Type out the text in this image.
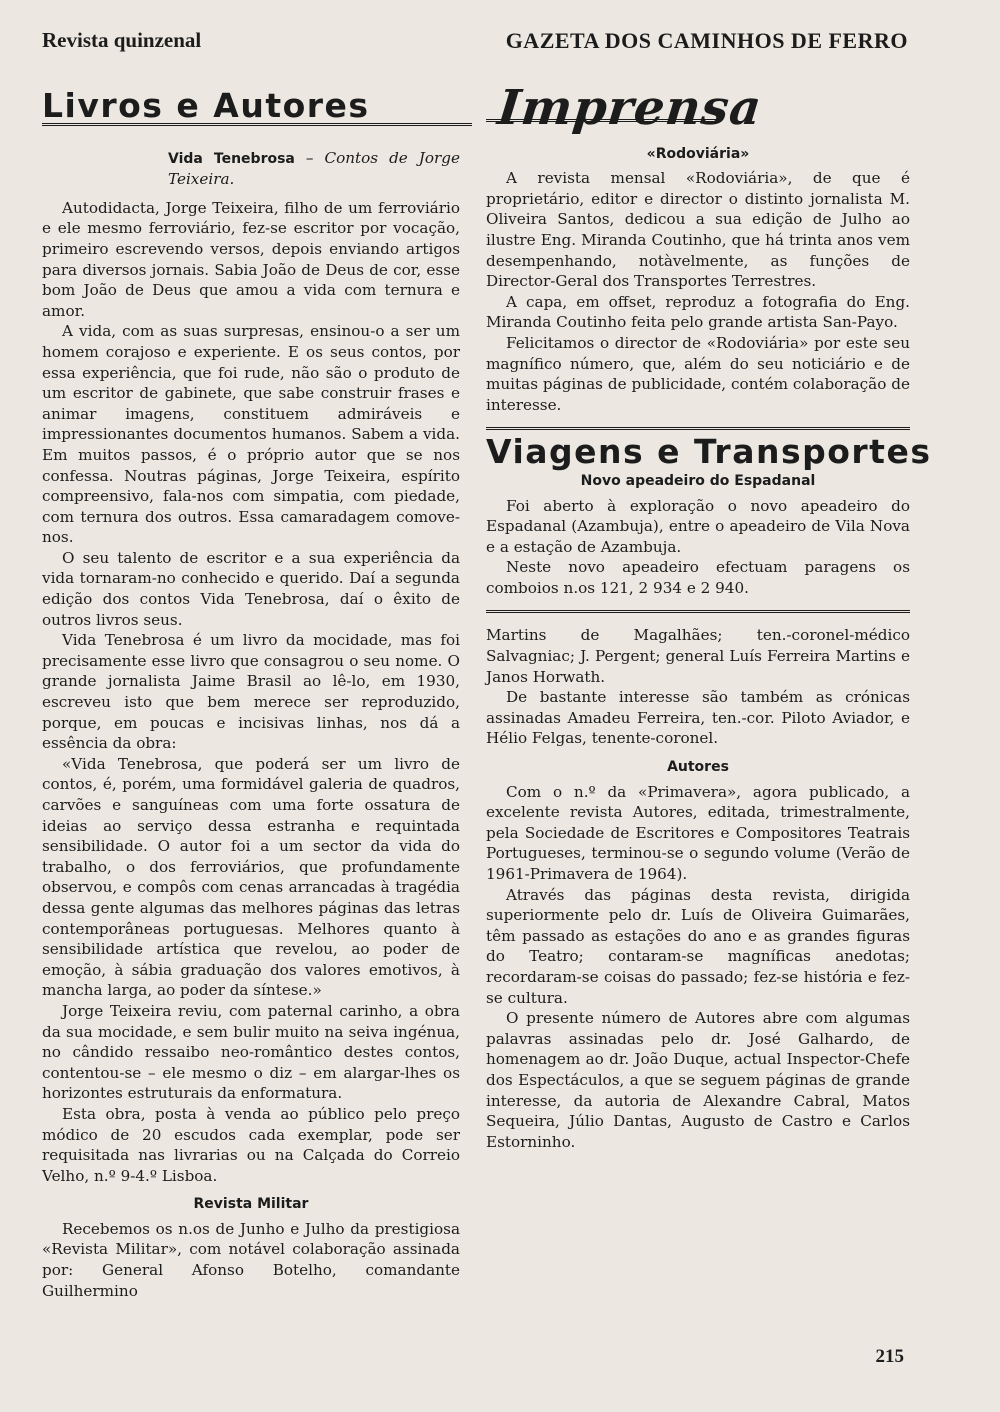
Revista quinzenal	GAZETA DOS CAMINHOS DE FERRO
Livros e Autores

Vida Tenebrosa – Contos de Jorge Teixeira.

Autodidacta, Jorge Teixeira, filho de um ferroviário e ele mesmo ferroviário, fez-se escritor por vocação, primeiro escrevendo versos, depois enviando artigos para diversos jornais. Sabia João de Deus de cor, esse bom João de Deus que amou a vida com ternura e amor.

A vida, com as suas surpresas, ensinou-o a ser um homem corajoso e experiente. E os seus contos, por essa experiência, que foi rude, não são o produto de um escritor de gabinete, que sabe construir frases e animar imagens, constituem admiráveis e impressionantes documentos humanos. Sabem a vida. Em muitos passos, é o próprio autor que se nos confessa. Noutras páginas, Jorge Teixeira, espírito compreensivo, fala-nos com simpatia, com piedade, com ternura dos outros. Essa camaradagem comove-nos.

O seu talento de escritor e a sua experiência da vida tornaram-no conhecido e querido. Daí a segunda edição dos contos Vida Tenebrosa, daí o êxito de outros livros seus.

Vida Tenebrosa é um livro da mocidade, mas foi precisamente esse livro que consagrou o seu nome. O grande jornalista Jaime Brasil ao lê-lo, em 1930, escreveu isto que bem merece ser reproduzido, porque, em poucas e incisivas linhas, nos dá a essência da obra:

«Vida Tenebrosa, que poderá ser um livro de contos, é, porém, uma formidável galeria de quadros, carvões e sanguíneas com uma forte ossatura de ideias ao serviço dessa estranha e requintada sensibilidade. O autor foi a um sector da vida do trabalho, o dos ferroviários, que profundamente observou, e compôs com cenas arrancadas à tragédia dessa gente algumas das melhores páginas das letras contemporâneas portuguesas. Melhores quanto à sensibilidade artística que revelou, ao poder de emoção, à sábia graduação dos valores emotivos, à mancha larga, ao poder da síntese.»

Jorge Teixeira reviu, com paternal carinho, a obra da sua mocidade, e sem bulir muito na seiva ingénua, no cândido ressaibo neo-romântico destes contos, contentou-se – ele mesmo o diz – em alargar-lhes os horizontes estruturais da enformatura.

Esta obra, posta à venda ao público pelo preço módico de 20 escudos cada exemplar, pode ser requisitada nas livrarias ou na Calçada do Correio Velho, n.º 9-4.º Lisboa.

Revista Militar

Recebemos os n.os de Junho e Julho da prestigiosa «Revista Militar», com notável colaboração assinada por: General Afonso Botelho, comandante Guilhermino

Imprensa
«Rodoviária»

A revista mensal «Rodoviária», de que é proprietário, editor e director o distinto jornalista M. Oliveira Santos, dedicou a sua edição de Julho ao ilustre Eng. Miranda Coutinho, que há trinta anos vem desempenhando, notàvelmente, as funções de Director-Geral dos Transportes Terrestres.

A capa, em offset, reproduz a fotografia do Eng. Miranda Coutinho feita pelo grande artista San-Payo.

Felicitamos o director de «Rodoviária» por este seu magnífico número, que, além do seu noticiário e de muitas páginas de publicidade, contém colaboração de interesse.

Viagens e Transportes
Novo apeadeiro do Espadanal

Foi aberto à exploração o novo apeadeiro do Espadanal (Azambuja), entre o apeadeiro de Vila Nova e a estação de Azambuja.

Neste novo apeadeiro efectuam paragens os comboios n.os 121, 2 934 e 2 940.

Martins de Magalhães; ten.-coronel-médico Salvagniac; J. Pergent; general Luís Ferreira Martins e Janos Horwath.

De bastante interesse são também as crónicas assinadas Amadeu Ferreira, ten.-cor. Piloto Aviador, e Hélio Felgas, tenente-coronel.

Autores

Com o n.º da «Primavera», agora publicado, a excelente revista Autores, editada, trimestralmente, pela Sociedade de Escritores e Compositores Teatrais Portugueses, terminou-se o segundo volume (Verão de 1961-Primavera de 1964).

Através das páginas desta revista, dirigida superiormente pelo dr. Luís de Oliveira Guimarães, têm passado as estações do ano e as grandes figuras do Teatro; contaram-se magníficas anedotas; recordaram-se coisas do passado; fez-se história e fez-se cultura.

O presente número de Autores abre com algumas palavras assinadas pelo dr. José Galhardo, de homenagem ao dr. João Duque, actual Inspector-Chefe dos Espectáculos, a que se seguem páginas de grande interesse, da autoria de Alexandre Cabral, Matos Sequeira, Júlio Dantas, Augusto de Castro e Carlos Estorninho.

215
